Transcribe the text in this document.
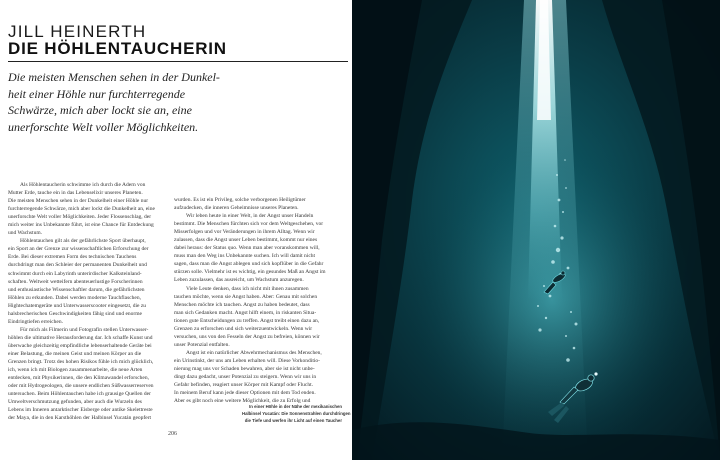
JILL HEINERTH
DIE HÖHLENTAUCHERIN
Die meisten Menschen sehen in der Dunkel-
heit einer Höhle nur furchterregende
Schwärze, mich aber lockt sie an, eine
unerforschte Welt voller Möglichkeiten.
Als Höhlentaucherin schwimme ich durch die Adern von
Mutter Erde, tauche ein in das Lebenselixir unseres Planeten.
Die meisten Menschen sehen in der Dunkelheit einer Höhle nur
furchterregende Schwärze, mich aber lockt die Dunkelheit an, eine
unerforschte Welt voller Möglichkeiten. Jeder Flossenschlag, der
mich weiter ins Unbekannte führt, ist eine Chance für Entdeckung
und Wachstum.
Höhlentauchen gilt als der gefährlichste Sport überhaupt,
ein Sport an der Grenze zur wissenschaftlichen Erforschung der
Erde. Bei dieser extremen Form des technischen Tauchens
durchdringt man den Schleier der permanenten Dunkelheit und
schwimmt durch ein Labyrinth unterirdischer Kalksteinland-
schaften. Weltweit wetteifern abenteuerlustige Forscherinnen
und enthusiastische Wissenschaftler darum, die gefährlichsten
Höhlen zu erkunden. Dabei werden moderne Tauchflaschen,
Hightechatemgeräte und Unterwasserscooter eingesetzt, die zu
halsbrecherischen Geschwindigkeiten fähig sind und enorme
Eindringtiefen erreichen.
Für mich als Filmerin und Fotografin stellen Unterwasser-
höhlen die ultimative Herausforderung dar. Ich schaffe Kunst und
überwache gleichzeitig empfindliche lebenserhaltende Geräte bei
einer Belastung, die meinen Geist und meinen Körper an die
Grenzen bringt. Trotz des hohen Risikos fühle ich mich glücklich,
ich, wenn ich mit Biologen zusammenarbeite, die neue Arten
entdecken, mit Physikerinnen, die den Klimawandel erforschen,
oder mit Hydrogeologen, die unsere endlichen Süßwasserreserven
untersuchen. Beim Höhlentauchen habe ich grausige Quellen der
Umweltverschmutzung gefunden, aber auch die Wurzeln des
Lebens im Inneren antarktischer Eisberge oder antike Skelettreste
der Maya, die in den Karsthöhlen der Halbinsel Yucatán geopfert
wurden. Es ist ein Privileg, solche verborgenen Heiligtümer
aufzudecken, die inneren Geheimnisse unseres Planeten.
Wir leben heute in einer Welt, in der Angst unser Handeln
bestimmt. Die Menschen fürchten sich vor dem Weltgeschehen, vor
Misserfolgen und vor Veränderungen in ihrem Alltag. Wenn wir
zulassen, dass die Angst unser Leben bestimmt, kommt nur eines
dabei heraus: der Status quo. Wenn man aber voranskommen will,
muss man den Weg ins Unbekannte suchen. Ich will damit nicht
sagen, dass man die Angst ablegen und sich kopflüber in die Gefahr
stürzen solle. Vielmehr ist es wichtig, ein gesundes Maß an Angst im
Leben zuzulassen, das ausreicht, um Wachstum anzuregen.
Viele Leute denken, dass ich nicht mit ihnen zusammen
tauchen möchte, wenn sie Angst haben. Aber: Genau mit solchen
Menschen möchte ich tauchen. Angst zu haben bedeutet, dass
man sich Gedanken macht. Angst hilft einem, in riskanten Situa-
tionen gute Entscheidungen zu treffen. Angst treibt einen dazu an,
Grenzen zu erforschen und sich weiterzuentwickeln. Wenn wir
versuchen, uns von den Fesseln der Angst zu befreien, können wir
unser Potenzial entfalten.
Angst ist ein natürlicher Abwehrmechanismus des Menschen,
ein Urinstinkt, der uns am Leben erhalten will. Diese Vorkonditio-
nierung mag uns vor Schaden bewahren, aber sie ist nicht unbe-
dingt dazu gedacht, unser Potenzial zu steigern. Wenn wir uns in
Gefahr befinden, reagiert unser Körper mit Kampf oder Flucht.
In meinem Beruf kann jede dieser Optionen mit dem Tod enden.
Aber es gibt noch eine weitere Möglichkeit, die zu Erfolg und
In einer Höhle in der Nähe der mexikanischen
Halbinsel Yucatán: Die Sonnenstrahlen durchdringen
die Tiefe und werfen ihr Licht auf einen Taucher
206
